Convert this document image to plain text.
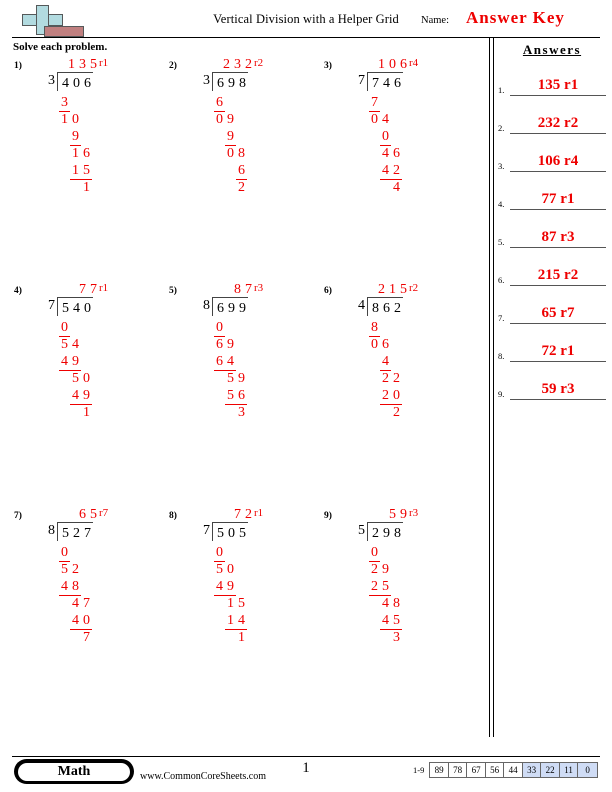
Vertical Division with a Helper Grid	Name: Answer Key
Solve each problem.
1)	1 3 5 r1
3 4 0 6
3
1 0
9
1 6
1 5
1
2)	2 3 2 r2
3 6 9 8
6
0 9
9
0 8
6
2
3)	1 0 6 r4
7 7 4 6
7
0 4
0
4 6
4 2
4
4)	7 7 r1
7 5 4 0
0
5 4
4 9
5 0
4 9
1
5)	8 7 r3
8 6 9 9
0
6 9
6 4
5 9
5 6
3
6)	2 1 5 r2
4 8 6 2
8
0 6
4
2 2
2 0
2
7)	6 5 r7
8 5 2 7
0
5 2
4 8
4 7
4 0
7
8)	7 2 r1
7 5 0 5
0
5 0
4 9
1 5
1 4
1
9)	5 9 r3
5 2 9 8
0
2 9
2 5
4 8
4 5
3
Answers
1.	135 r1
2.	232 r2
3.	106 r4
4.	77 r1
5.	87 r3
6.	215 r2
7.	65 r7
8.	72 r1
9.	59 r3
Math	www.CommonCoreSheets.com
1	1-9	89	78	67	56	44	33	22	11	0
